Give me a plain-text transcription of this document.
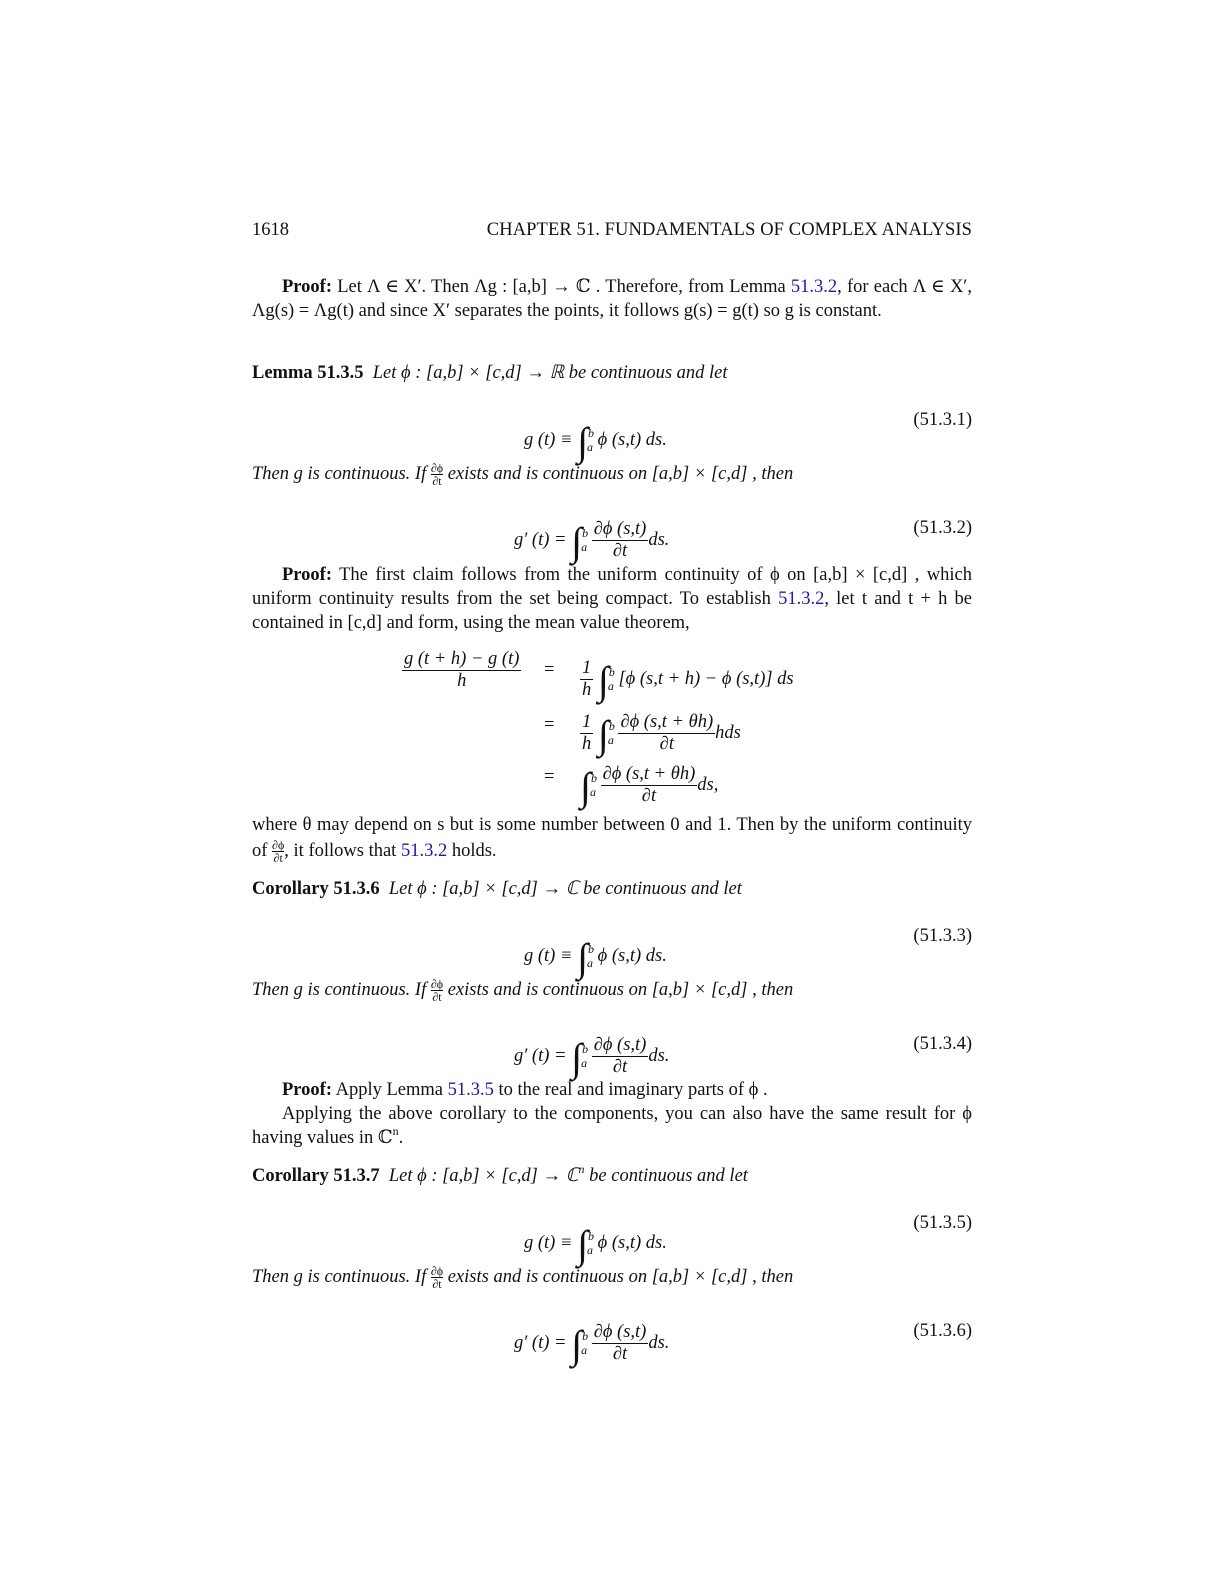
1618	CHAPTER 51. FUNDAMENTALS OF COMPLEX ANALYSIS
Proof: Let Λ ∈ X′. Then Λg : [a,b] → ℂ . Therefore, from Lemma 51.3.2, for each Λ ∈ X′, Λg(s) = Λg(t) and since X′ separates the points, it follows g(s) = g(t) so g is constant.
Lemma 51.3.5 Let ϕ : [a,b] × [c,d] → ℝ be continuous and let
g (t) ≡ ∫$^b_a$ ϕ (s,t) ds.
(51.3.1)
Then g is continuous. If $\frac{\partial\phi}{\partial t}$ exists and is continuous on [a,b] × [c,d] , then
g′ $(t) = \int^b_a \frac{\partial\phi (s,t)}{\partial t}$ ds.
(51.3.2)
Proof: The first claim follows from the uniform continuity of ϕ on [a,b] × [c,d] , which uniform continuity results from the set being compact. To establish 51.3.2, let t and t + h be contained in [c,d] and form, using the mean value theorem,
$\frac{g (t + h) - g (t)}{h} = \frac{1}{h} \int^b_a$ [ϕ (s,t + h) − ϕ (s,t)] ds
= $\frac{1}{h} \int^b_a \frac{\partial\phi (s,t + \theta h)}{\partial t}$ hds
= $\int^b_a \frac{\partial\phi (s,t + \theta h)}{\partial t}$ ds,
where θ may depend on s but is some number between 0 and 1. Then by the uniform continuity of $\frac{\partial\phi}{\partial t}$, it follows that 51.3.2 holds.
Corollary 51.3.6 Let ϕ : [a,b] × [c,d] → ℂ be continuous and let
g (t) ≡ ∫$^b_a$ ϕ (s,t) ds.
(51.3.3)
Then g is continuous. If $\frac{\partial\phi}{\partial t}$ exists and is continuous on [a,b] × [c,d] , then
g′ $(t) = \int^b_a \frac{\partial\phi (s,t)}{\partial t}$ ds.
(51.3.4)
Proof: Apply Lemma 51.3.5 to the real and imaginary parts of ϕ .
Applying the above corollary to the components, you can also have the same result for ϕ having values in ℂ$^n$.
Corollary 51.3.7 Let ϕ : [a,b] × [c,d] → ℂ$^n$ be continuous and let
g (t) ≡ ∫$^b_a$ ϕ (s,t) ds.
(51.3.5)
Then g is continuous. If $\frac{\partial\phi}{\partial t}$ exists and is continuous on [a,b] × [c,d] , then
g′ $(t) = \int^b_a \frac{\partial\phi (s,t)}{\partial t}$ ds.
(51.3.6)
